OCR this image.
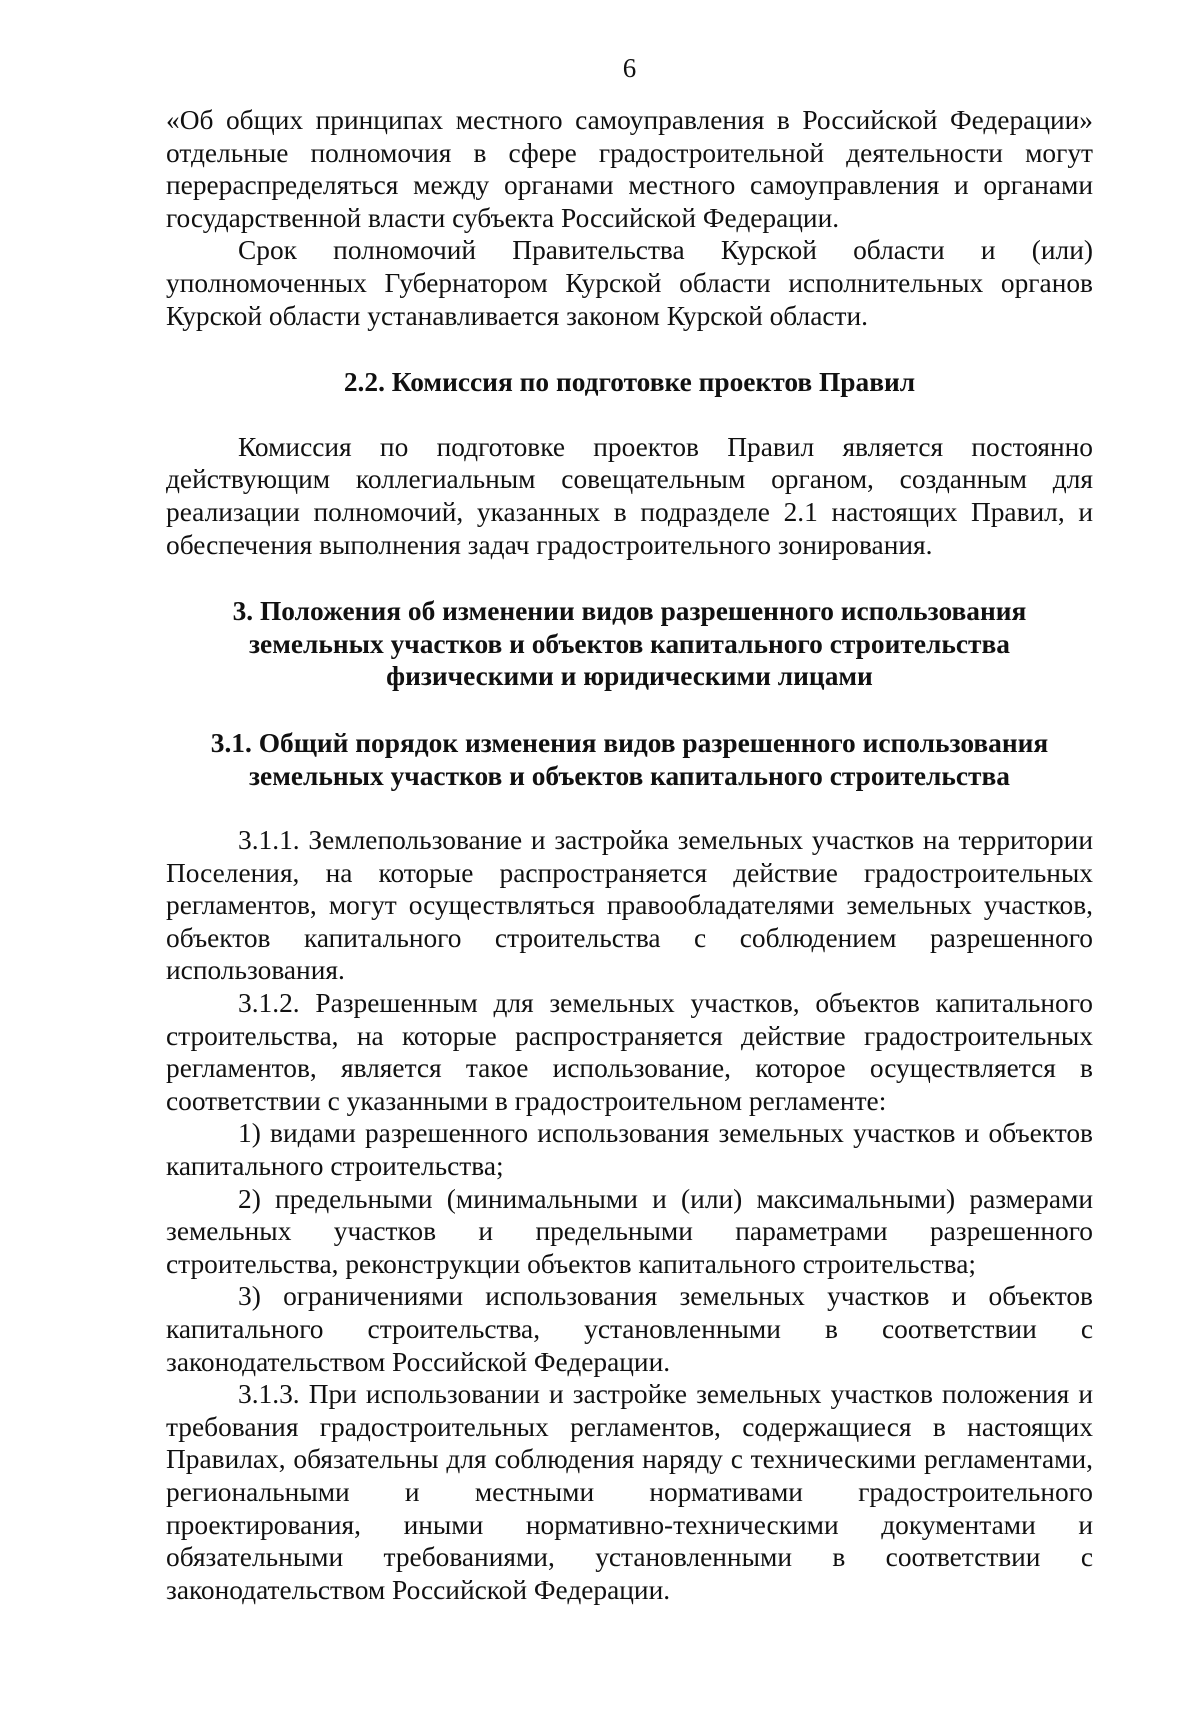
6

«Об общих принципах местного самоуправления в Российской Федерации» отдельные полномочия в сфере градостроительной деятельности могут перераспределяться между органами местного самоуправления и органами государственной власти субъекта Российской Федерации.

Срок полномочий Правительства Курской области и (или) уполномоченных Губернатором Курской области исполнительных органов Курской области устанавливается законом Курской области.

2.2. Комиссия по подготовке проектов Правил

Комиссия по подготовке проектов Правил является постоянно действующим коллегиальным совещательным органом, созданным для реализации полномочий, указанных в подразделе 2.1 настоящих Правил, и обеспечения выполнения задач градостроительного зонирования.

3. Положения об изменении видов разрешенного использования
земельных участков и объектов капитального строительства
физическими и юридическими лицами
3.1. Общий порядок изменения видов разрешенного использования
земельных участков и объектов капитального строительства

3.1.1. Землепользование и застройка земельных участков на территории Поселения, на которые распространяется действие градостроительных регламентов, могут осуществляться правообладателями земельных участков, объектов капитального строительства с соблюдением разрешенного использования.

3.1.2. Разрешенным для земельных участков, объектов капитального строительства, на которые распространяется действие градостроительных регламентов, является такое использование, которое осуществляется в соответствии с указанными в градостроительном регламенте:

1) видами разрешенного использования земельных участков и объектов капитального строительства;

2) предельными (минимальными и (или) максимальными) размерами земельных участков и предельными параметрами разрешенного строительства, реконструкции объектов капитального строительства;

3) ограничениями использования земельных участков и объектов капитального строительства, установленными в соответствии с законодательством Российской Федерации.

3.1.3. При использовании и застройке земельных участков положения и требования градостроительных регламентов, содержащиеся в настоящих Правилах, обязательны для соблюдения наряду с техническими регламентами, региональными и местными нормативами градостроительного проектирования, иными нормативно-техническими документами и обязательными требованиями, установленными в соответствии с законодательством Российской Федерации.
